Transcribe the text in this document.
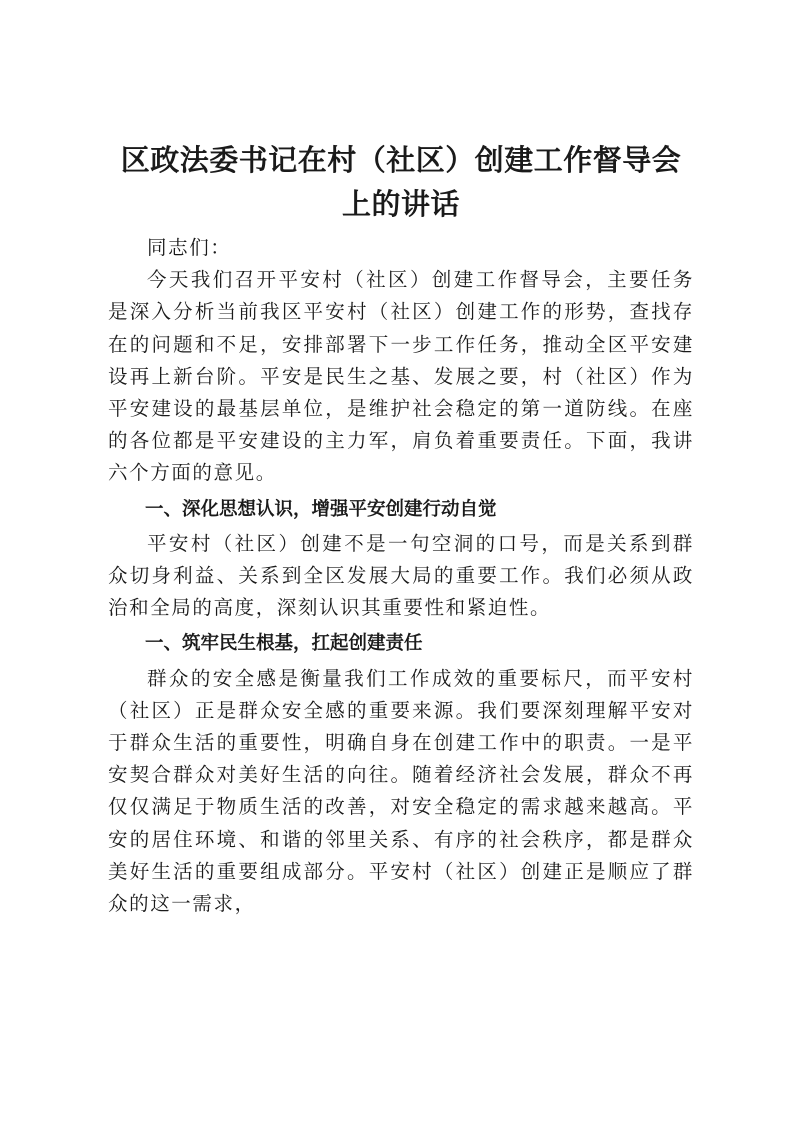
区政法委书记在村（社区）创建工作督导会上的讲话

同志们：

今天我们召开平安村（社区）创建工作督导会，主要任务是深入分析当前我区平安村（社区）创建工作的形势，查找存在的问题和不足，安排部署下一步工作任务，推动全区平安建设再上新台阶。平安是民生之基、发展之要，村（社区）作为平安建设的最基层单位，是维护社会稳定的第一道防线。在座的各位都是平安建设的主力军，肩负着重要责任。下面，我讲六个方面的意见。

一、深化思想认识，增强平安创建行动自觉

平安村（社区）创建不是一句空洞的口号，而是关系到群众切身利益、关系到全区发展大局的重要工作。我们必须从政治和全局的高度，深刻认识其重要性和紧迫性。

一、筑牢民生根基，扛起创建责任

群众的安全感是衡量我们工作成效的重要标尺，而平安村（社区）正是群众安全感的重要来源。我们要深刻理解平安对于群众生活的重要性，明确自身在创建工作中的职责。一是平安契合群众对美好生活的向往。随着经济社会发展，群众不再仅仅满足于物质生活的改善，对安全稳定的需求越来越高。平安的居住环境、和谐的邻里关系、有序的社会秩序，都是群众美好生活的重要组成部分。平安村（社区）创建正是顺应了群众的这一需求，
